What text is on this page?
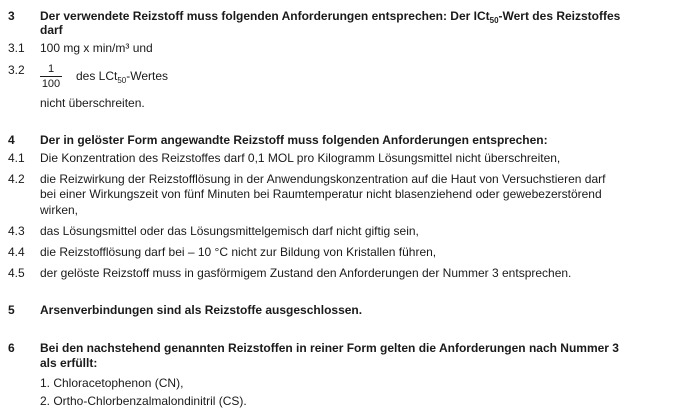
3 Der verwendete Reizstoff muss folgenden Anforderungen entsprechen: Der ICt$_{50}$-Wert des Reizstoffes
darf
3.1 100 mg x min/m³ und
$3.2 \frac{1}{100}$ des LCt$_{50}$-Wertes
nicht überschreiten.
4 Der in gelöster Form angewandte Reizstoff muss folgenden Anforderungen entsprechen:
4.1 Die Konzentration des Reizstoffes darf 0,1 MOL pro Kilogramm Lösungsmittel nicht überschreiten,
4.2 die Reizwirkung der Reizstofflösung in der Anwendungskonzentration auf die Haut von Versuchstieren darf
bei einer Wirkungszeit von fünf Minuten bei Raumtemperatur nicht blasenziehend oder gewebezerstörend
wirken,
4.3 das Lösungsmittel oder das Lösungsmittelgemisch darf nicht giftig sein,
4.4 die Reizstofflösung darf bei – 10 °C nicht zur Bildung von Kristallen führen,
4.5 der gelöste Reizstoff muss in gasförmigem Zustand den Anforderungen der Nummer 3 entsprechen.
5 Arsenverbindungen sind als Reizstoffe ausgeschlossen.
6 Bei den nachstehend genannten Reizstoffen in reiner Form gelten die Anforderungen nach Nummer 3
als erfüllt:
1. Chloracetophenon (CN),
2. Ortho-Chlorbenzalmalondinitril (CS).
